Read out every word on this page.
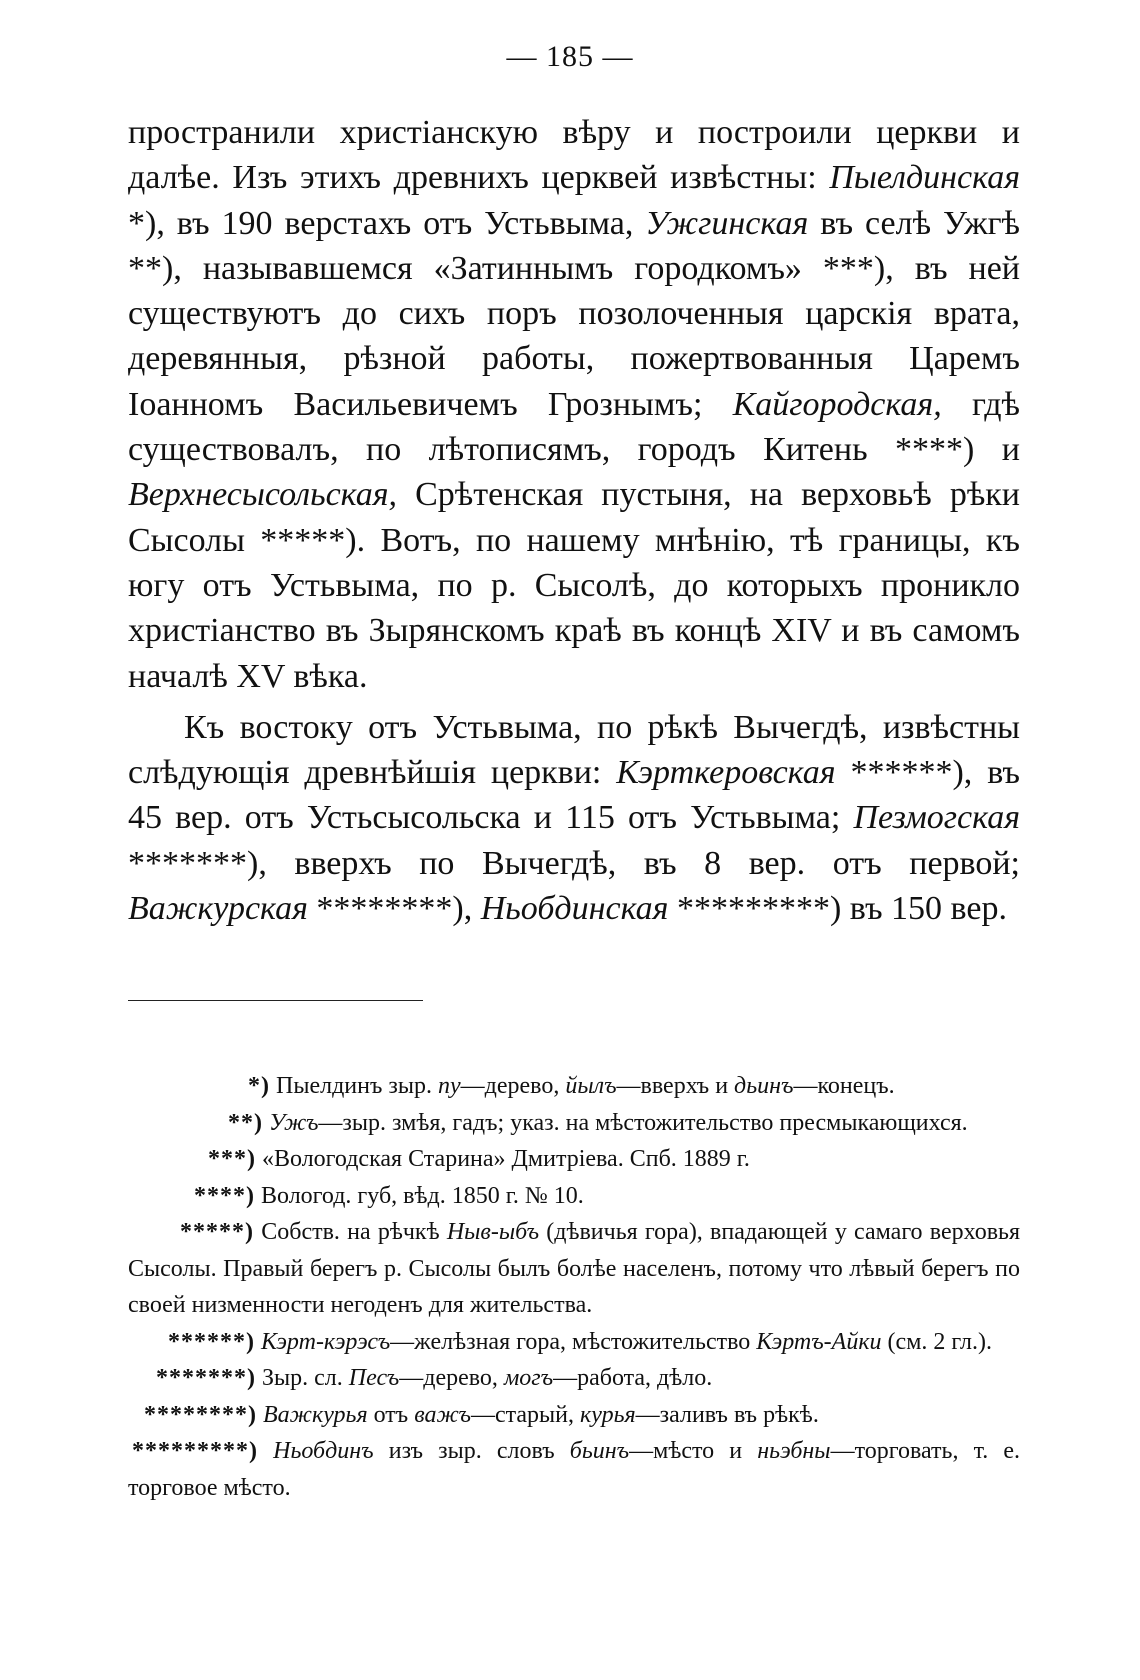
— 185 —

пространили христіанскую вѣру и построили церкви и далѣе. Изъ этихъ древнихъ церквей извѣстны: Пыелдинская *), въ 190 верстахъ отъ Устьвыма, Ужгинская въ селѣ Ужгѣ **), называвшемся «Затиннымъ городкомъ» ***), въ ней существуютъ до сихъ поръ позолоченныя царскія врата, деревянныя, рѣзной работы, пожертвованныя Царемъ Іоанномъ Васильевичемъ Грознымъ; Кайгородская, гдѣ существовалъ, по лѣтописямъ, городъ Китень ****) и Верхнесысольская, Срѣтенская пустыня, на верховьѣ рѣки Сысолы *****). Вотъ, по нашему мнѣнію, тѣ границы, къ югу отъ Устьвыма, по р. Сысолѣ, до которыхъ проникло христіанство въ Зырянскомъ краѣ въ концѣ XIV и въ самомъ началѣ XV вѣка.

Къ востоку отъ Устьвыма, по рѣкѣ Вычегдѣ, извѣстны слѣдующія древнѣйшія церкви: Кэрткеровская ******), въ 45 вер. отъ Устьсысольска и 115 отъ Устьвыма; Пезмогская *******), вверхъ по Вычегдѣ, въ 8 вер. отъ первой; Важкурская ********), Ньобдинская *********) въ 150 вер.

*) Пыелдинъ зыр. пу—дерево, йылъ—вверхъ и дьинъ—конецъ.

**) Ужъ—зыр. змѣя, гадъ; указ. на мѣстожительство пресмыкающихся.

***) «Вологодская Старина» Дмитріева. Спб. 1889 г.

****) Вологод. губ, вѣд. 1850 г. № 10.

*****) Собств. на рѣчкѣ Ныв-ыбъ (дѣвичья гора), впадающей у самаго верховья Сысолы. Правый берегъ р. Сысолы былъ болѣе населенъ, потому что лѣвый берегъ по своей низменности негоденъ для жительства.

******) Кэрт-кэрэсъ—желѣзная гора, мѣстожительство Кэртъ-Айки (см. 2 гл.).

*******) Зыр. сл. Песъ—дерево, могъ—работа, дѣло.

********) Важкурья отъ важъ—старый, курья—заливъ въ рѣкѣ.

*********) Ньобдинъ изъ зыр. словъ бьинъ—мѣсто и ньэбны—торговать, т. е. торговое мѣсто.
